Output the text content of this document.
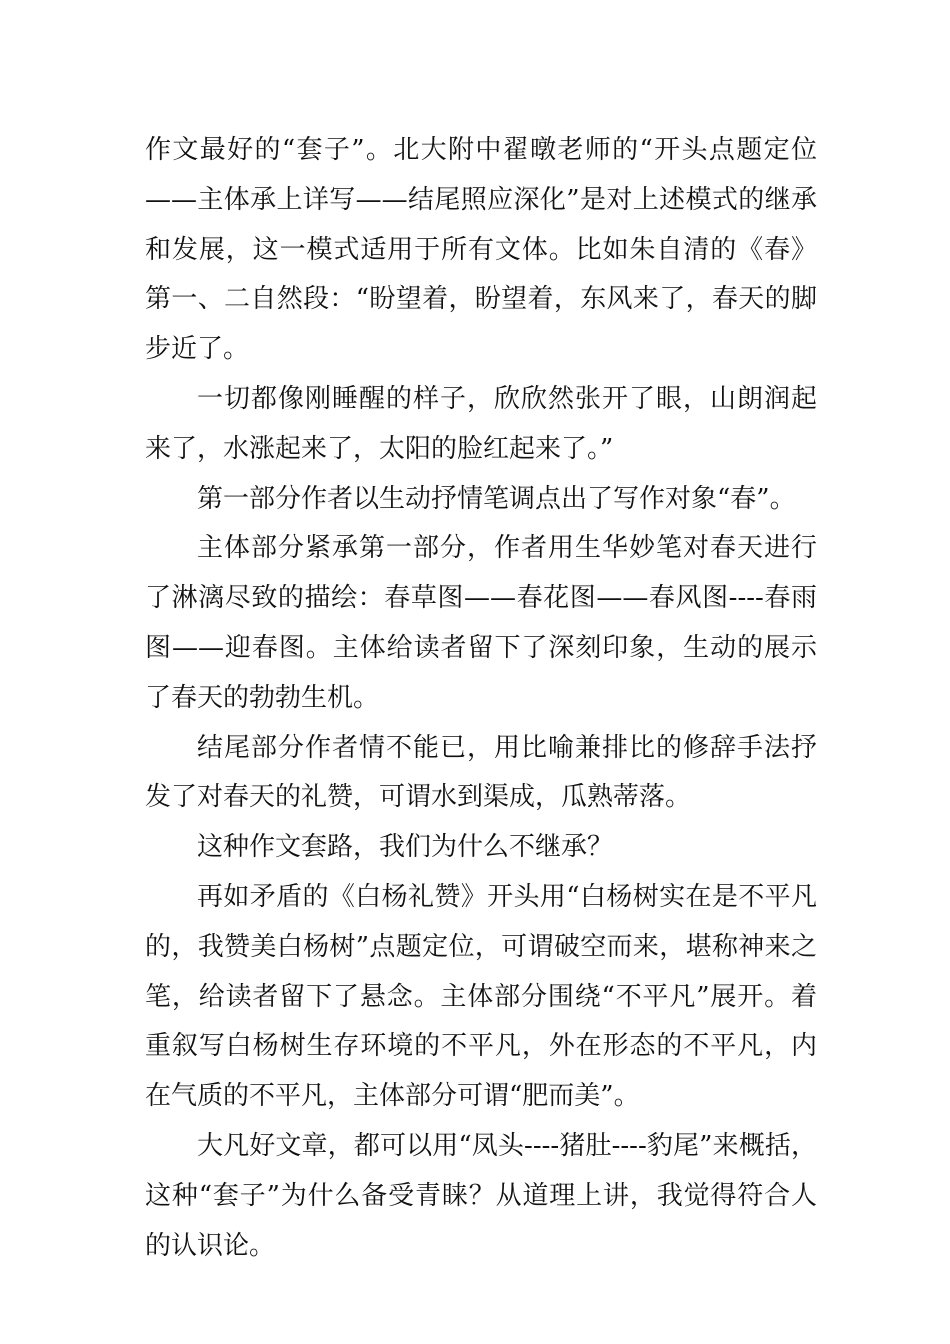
作文最好的“套子”。北大附中翟暾老师的“开头点题定位——主体承上详写——结尾照应深化”是对上述模式的继承和发展，这一模式适用于所有文体。比如朱自清的《春》第一、二自然段：“盼望着，盼望着，东风来了，春天的脚步近了。

一切都像刚睡醒的样子，欣欣然张开了眼，山朗润起来了，水涨起来了，太阳的脸红起来了。”

第一部分作者以生动抒情笔调点出了写作对象“春”。

主体部分紧承第一部分，作者用生华妙笔对春天进行了淋漓尽致的描绘：春草图——春花图——春风图----春雨图——迎春图。主体给读者留下了深刻印象，生动的展示了春天的勃勃生机。

结尾部分作者情不能已，用比喻兼排比的修辞手法抒发了对春天的礼赞，可谓水到渠成，瓜熟蒂落。

这种作文套路，我们为什么不继承？

再如矛盾的《白杨礼赞》开头用“白杨树实在是不平凡的，我赞美白杨树”点题定位，可谓破空而来，堪称神来之笔，给读者留下了悬念。主体部分围绕“不平凡”展开。着重叙写白杨树生存环境的不平凡，外在形态的不平凡，内在气质的不平凡，主体部分可谓“肥而美”。

大凡好文章，都可以用“凤头----猪肚----豹尾”来概括，这种“套子”为什么备受青睐？从道理上讲，我觉得符合人的认识论。
